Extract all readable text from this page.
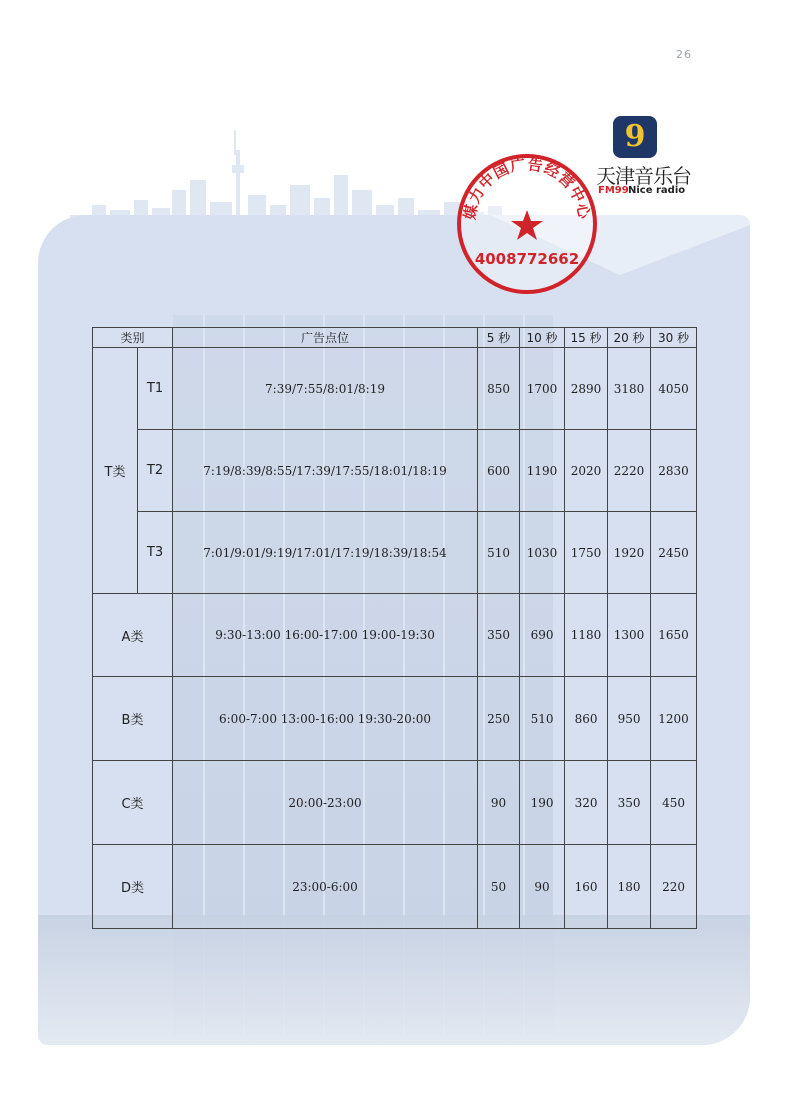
26
9
天津音乐台
FM99 Nice radio
媒力中国广告经营中心
4008772662
类别		广告点位	5 秒	10 秒	15 秒	20 秒	30 秒
T类	T1	7:39/7:55/8:01/8:19	850	1700	2890	3180	4050
	T2	7:19/8:39/8:55/17:39/17:55/18:01/18:19	600	1190	2020	2220	2830
	T3	7:01/9:01/9:19/17:01/17:19/18:39/18:54	510	1030	1750	1920	2450
A类		9:30-13:00 16:00-17:00 19:00-19:30	350	690	1180	1300	1650
B类		6:00-7:00 13:00-16:00 19:30-20:00	250	510	860	950	1200
C类		20:00-23:00	90	190	320	350	450
D类		23:00-6:00	50	90	160	180	220
